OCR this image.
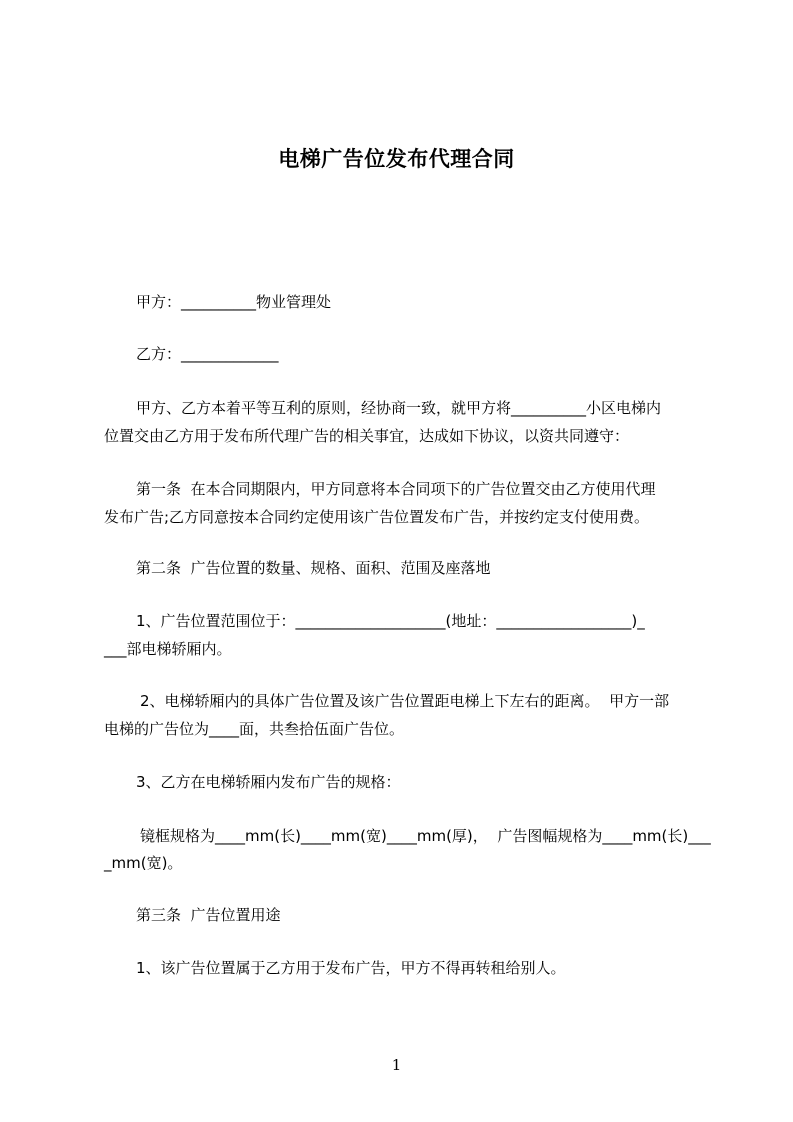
电梯广告位发布代理合同
甲方：__________物业管理处
乙方：_____________
甲方、乙方本着平等互利的原则，经协商一致，就甲方将__________小区电梯内
位置交由乙方用于发布所代理广告的相关事宜，达成如下协议，以资共同遵守：
第一条  在本合同期限内，甲方同意将本合同项下的广告位置交由乙方使用代理
发布广告;乙方同意按本合同约定使用该广告位置发布广告，并按约定支付使用费。
第二条  广告位置的数量、规格、面积、范围及座落地
1、广告位置范围位于：____________________(地址：__________________)_
___部电梯轿厢内。
2、电梯轿厢内的具体广告位置及该广告位置距电梯上下左右的距离。  甲方一部
电梯的广告位为____面，共叁拾伍面广告位。
3、乙方在电梯轿厢内发布广告的规格：
镜框规格为____mm(长)____mm(宽)____mm(厚)，  广告图幅规格为____mm(长)___
_mm(宽)。
第三条  广告位置用途
1、该广告位置属于乙方用于发布广告，甲方不得再转租给别人。
1
